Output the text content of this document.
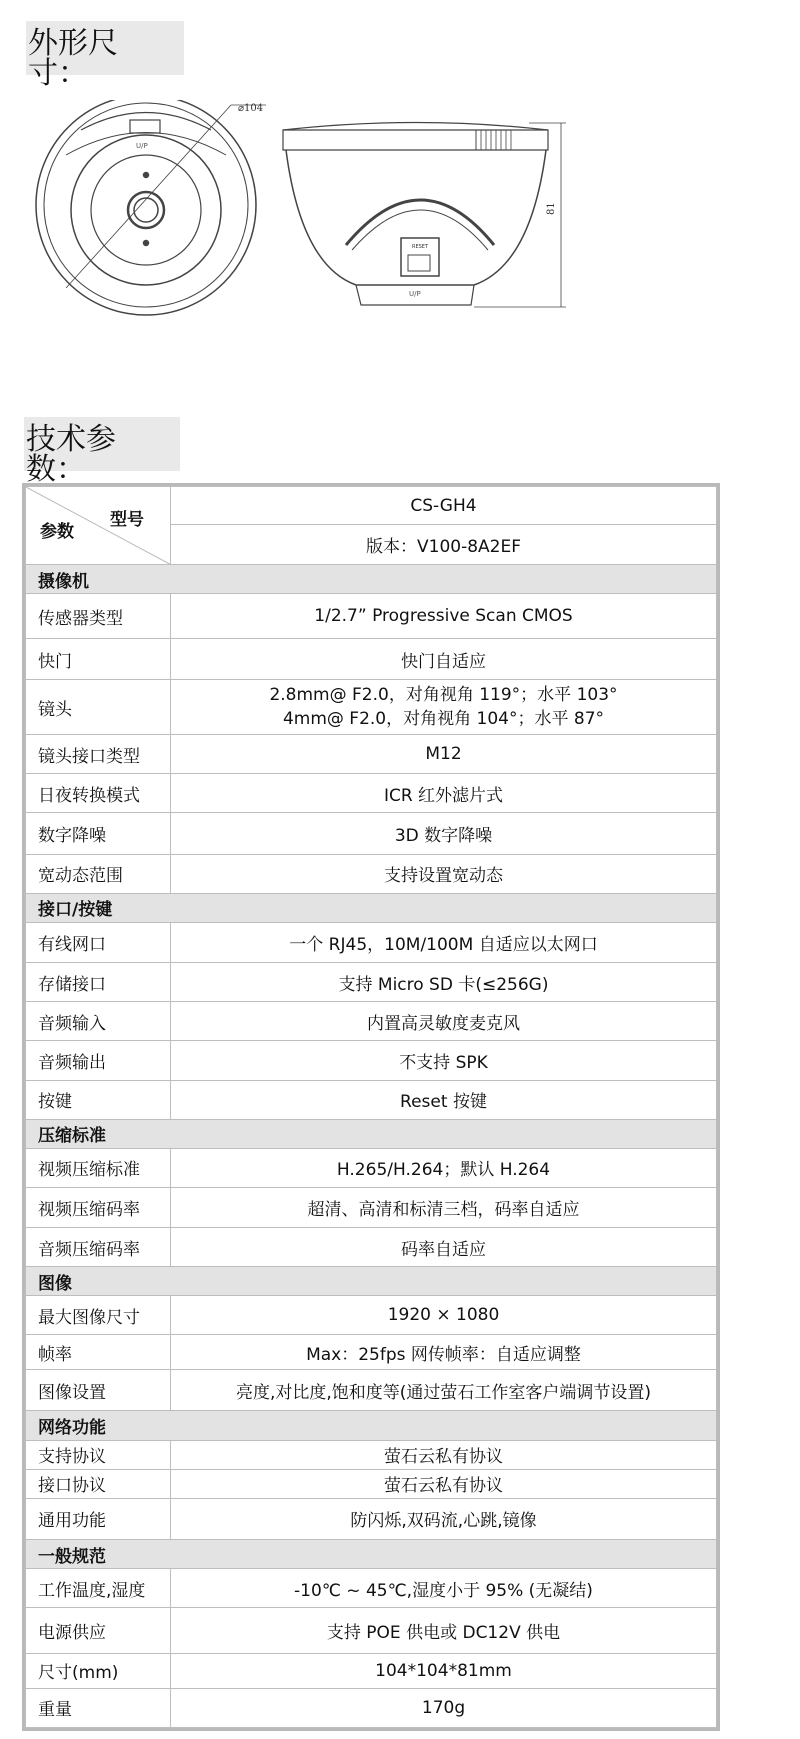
外形尺寸：
⌀104
U/P
RESET
U/P
81
技术参数：
型号
参数	CS-GH4
	版本：V100-8A2EF
摄像机	
传感器类型	1/2.7” Progressive Scan CMOS
快门	快门自适应
镜头	2.8mm@ F2.0，对角视角 119°；水平 103°
4mm@ F2.0，对角视角 104°；水平 87°

镜头接口类型	M12
日夜转换模式	ICR 红外滤片式
数字降噪	3D 数字降噪
宽动态范围	支持设置宽动态
接口/按键	
有线网口	一个 RJ45，10M/100M 自适应以太网口
存储接口	支持 Micro SD 卡(≤256G)
音频输入	内置高灵敏度麦克风
音频输出	不支持 SPK
按键	Reset 按键
压缩标准	
视频压缩标准	H.265/H.264；默认 H.264
视频压缩码率	超清、高清和标清三档，码率自适应
音频压缩码率	码率自适应
图像	
最大图像尺寸	1920 × 1080
帧率	Max：25fps 网传帧率：自适应调整
图像设置	亮度,对比度,饱和度等(通过萤石工作室客户端调节设置)
网络功能	
支持协议	萤石云私有协议
接口协议	萤石云私有协议
通用功能	防闪烁,双码流,心跳,镜像
一般规范	
工作温度,湿度	-10℃ ~ 45℃,湿度小于 95% (无凝结)
电源供应	支持 POE 供电或 DC12V 供电
尺寸(mm)	104*104*81mm
重量	170g
